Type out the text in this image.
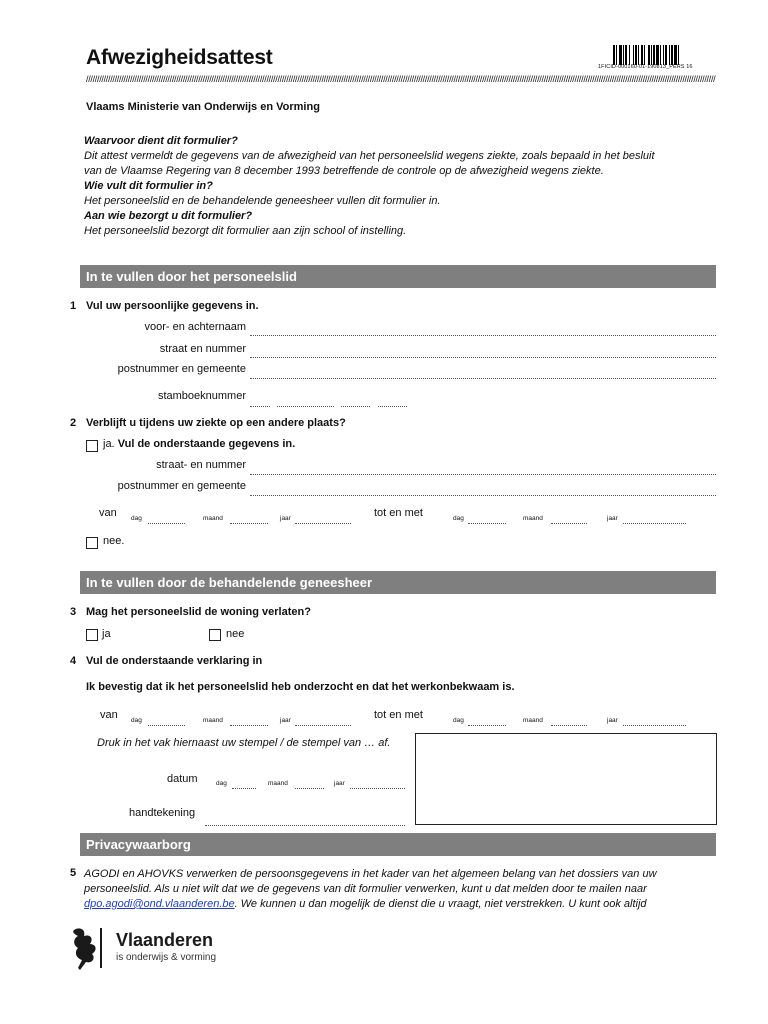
Afwezigheidsattest	1FICID-000160-01-190813_PERS 16
//////////////////////////////////////////////////////////////////////////////////////////////////////////////////////////////////////////////////////////////////////////////////////////////////////////////////////////////////////////////////////////////////////////////////////////////
Vlaams Ministerie van Onderwijs en Vorming
Waarvoor dient dit formulier?
Dit attest vermeldt de gegevens van de afwezigheid van het personeelslid wegens ziekte, zoals bepaald in het besluit
van de Vlaamse Regering van 8 december 1993 betreffende de controle op de afwezigheid wegens ziekte.
Wie vult dit formulier in?
Het personeelslid en de behandelende geneesheer vullen dit formulier in.
Aan wie bezorgt u dit formulier?
Het personeelslid bezorgt dit formulier aan zijn school of instelling.
In te vullen door het personeelslid
1 Vul uw persoonlijke gegevens in.
voor- en achternaam
straat en nummer
postnummer en gemeente
stamboeknummer
2 Verblijft u tijdens uw ziekte op een andere plaats?
ja. Vul de onderstaande gegevens in.
straat- en nummer
postnummer en gemeente
van dag	maand	jaar	tot en met	dag	maand	jaar
nee.
In te vullen door de behandelende geneesheer
3 Mag het personeelslid de woning verlaten?
ja	nee
4 Vul de onderstaande verklaring in
Ik bevestig dat ik het personeelslid heb onderzocht en dat het werkonbekwaam is.
van dag	maand	jaar	tot en met	dag	maand	jaar
Druk in het vak hiernaast uw stempel / de stempel van … af.
datum	dag	maand	jaar
handtekening
Privacywaarborg
5 AGODI en AHOVKS verwerken de persoonsgegevens in het kader van het algemeen belang van het dossiers van uw
personeelslid. Als u niet wilt dat we de gegevens van dit formulier verwerken, kunt u dat melden door te mailen naar
dpo.agodi@ond.vlaanderen.be. We kunnen u dan mogelijk de dienst die u vraagt, niet verstrekken. U kunt ook altijd
Vlaanderen
is onderwijs & vorming
